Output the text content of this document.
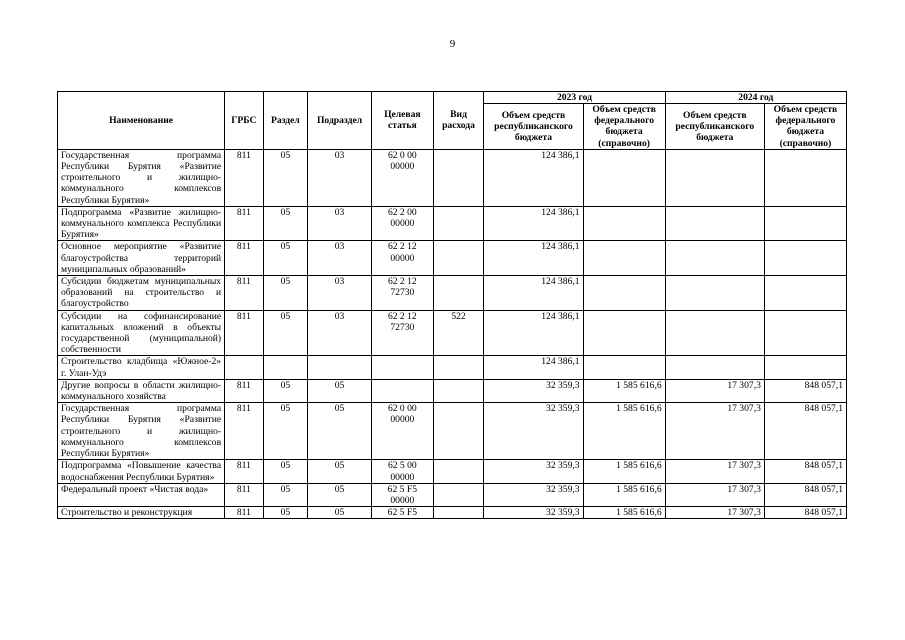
9
Наименование	ГРБС	Раздел	Подраздел	Целевая статья	Вид расхода	2023 год		2024 год	
						Объем средств республиканского бюджета	Объем средств федерального бюджета (справочно)	Объем средств республиканского бюджета	Объем средств федерального бюджета (справочно)
Государственная программа Республики Бурятия «Развитие строительного и жилищно-коммунального комплексов Республики Бурятия»	811	05	03	62 0 00 00000		124 386,1			
Подпрограмма «Развитие жилищно-коммунального комплекса Республики Бурятия»	811	05	03	62 2 00 00000		124 386,1			
Основное мероприятие «Развитие благоустройства территорий муниципальных образований»	811	05	03	62 2 12 00000		124 386,1			
Субсидии бюджетам муниципальных образований на строительство и благоустройство	811	05	03	62 2 12 72730		124 386,1			
Субсидии на софинансирование капитальных вложений в объекты государственной (муниципальной) собственности	811	05	03	62 2 12 72730	522	124 386,1			
Строительство кладбища «Южное-2» г. Улан-Удэ						124 386,1			
Другие вопросы в области жилищно-коммунального хозяйства	811	05	05			32 359,3	1 585 616,6	17 307,3	848 057,1
Государственная программа Республики Бурятия «Развитие строительного и жилищно-коммунального комплексов Республики Бурятия»	811	05	05	62 0 00 00000		32 359,3	1 585 616,6	17 307,3	848 057,1
Подпрограмма «Повышение качества водоснабжения Республики Бурятия»	811	05	05	62 5 00 00000		32 359,3	1 585 616,6	17 307,3	848 057,1
Федеральный проект «Чистая вода»	811	05	05	62 5 F5 00000		32 359,3	1 585 616,6	17 307,3	848 057,1
Строительство и реконструкция	811	05	05	62 5 F5		32 359,3	1 585 616,6	17 307,3	848 057,1
